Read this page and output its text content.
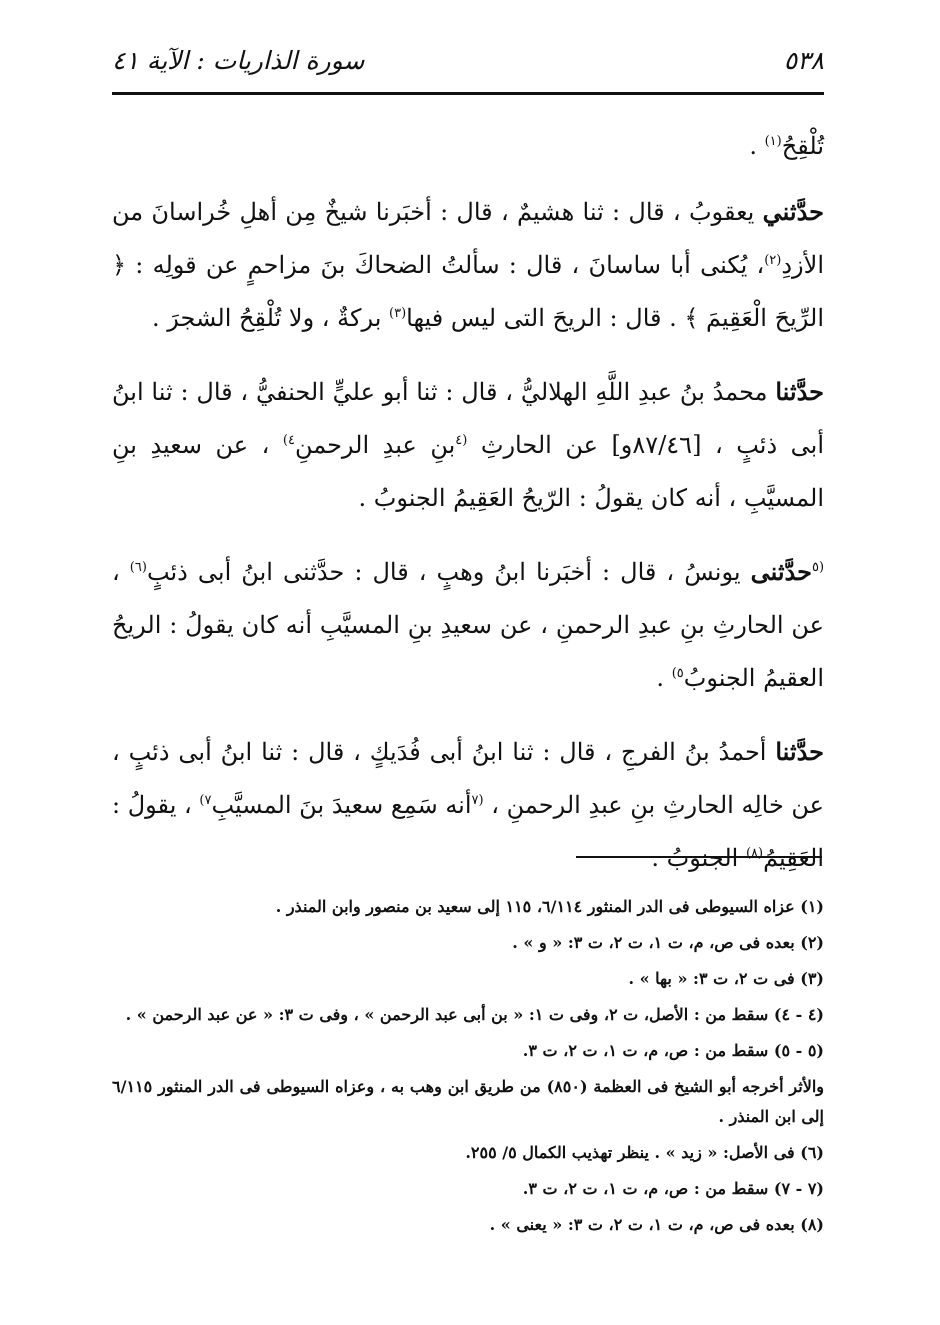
٥٣٨
سورة الذاريات : الآية ٤١

تُلْقِحُ$^{(١)}$ .

حدَّثني يعقوبُ ، قال : ثنا هشيمٌ ، قال : أخبَرنا شيخٌ مِن أهلِ خُراسانَ من الأزدِ$^{(٢)}$، يُكنى أبا ساسانَ ، قال : سألتُ الضحاكَ بنَ مزاحمٍ عن قولِه : ﴿ الرِّيحَ الْعَقِيمَ ﴾ . قال : الريحَ التى ليس فيها$^{(٣)}$ بركةٌ ، ولا تُلْقِحُ الشجرَ .

حدَّثنا محمدُ بنُ عبدِ اللَّهِ الهلاليُّ ، قال : ثنا أبو عليٍّ الحنفيُّ ، قال : ثنا ابنُ أبى ذئبٍ ، [٨٧/٤٦و] عن الحارثِ $^{(٤}$بنِ عبدِ الرحمنِ$^{٤)}$ ، عن سعيدِ بنِ المسيَّبِ ، أنه كان يقولُ : الرّيحُ العَقِيمُ الجنوبُ .

$^{(٥}$حدَّثنى يونسُ ، قال : أخبَرنا ابنُ وهبٍ ، قال : حدَّثنى ابنُ أبى ذئبٍ$^{(٦)}$ ، عن الحارثِ بنِ عبدِ الرحمنِ ، عن سعيدِ بنِ المسيَّبِ أنه كان يقولُ : الريحُ العقيمُ الجنوبُ$^{٥)}$ .

حدَّثنا أحمدُ بنُ الفرجِ ، قال : ثنا ابنُ أبى فُدَيكٍ ، قال : ثنا ابنُ أبى ذئبٍ ، عن خالِه الحارثِ بنِ عبدِ الرحمنِ ، $^{(٧}$أنه سَمِع سعيدَ بنَ المسيَّبِ$^{٧)}$ ، يقولُ : العَقِيمُ$^{(٨)}$ الجنوبُ .

(١) عزاه السيوطى فى الدر المنثور ٦/١١٤، ١١٥ إلى سعيد بن منصور وابن المنذر .
(٢) بعده فى ص، م، ت ١، ت ٢، ت ٣: « و » .
(٣) فى ت ٢، ت ٣: « بها » .
(٤ - ٤) سقط من : الأصل، ت ٢، وفى ت ١: « بن أبى عبد الرحمن » ، وفى ت ٣: « عن عبد الرحمن » .
(٥ - ٥) سقط من : ص، م، ت ١، ت ٢، ت ٣.
والأثر أخرجه أبو الشيخ فى العظمة (٨٥٠) من طريق ابن وهب به ، وعزاه السيوطى فى الدر المنثور ٦/١١٥ إلى ابن المنذر .
(٦) فى الأصل: « زيد » . ينظر تهذيب الكمال ٥/ ٢٥٥.
(٧ - ٧) سقط من : ص، م، ت ١، ت ٢، ت ٣.
(٨) بعده فى ص، م، ت ١، ت ٢، ت ٣: « يعنى » .
